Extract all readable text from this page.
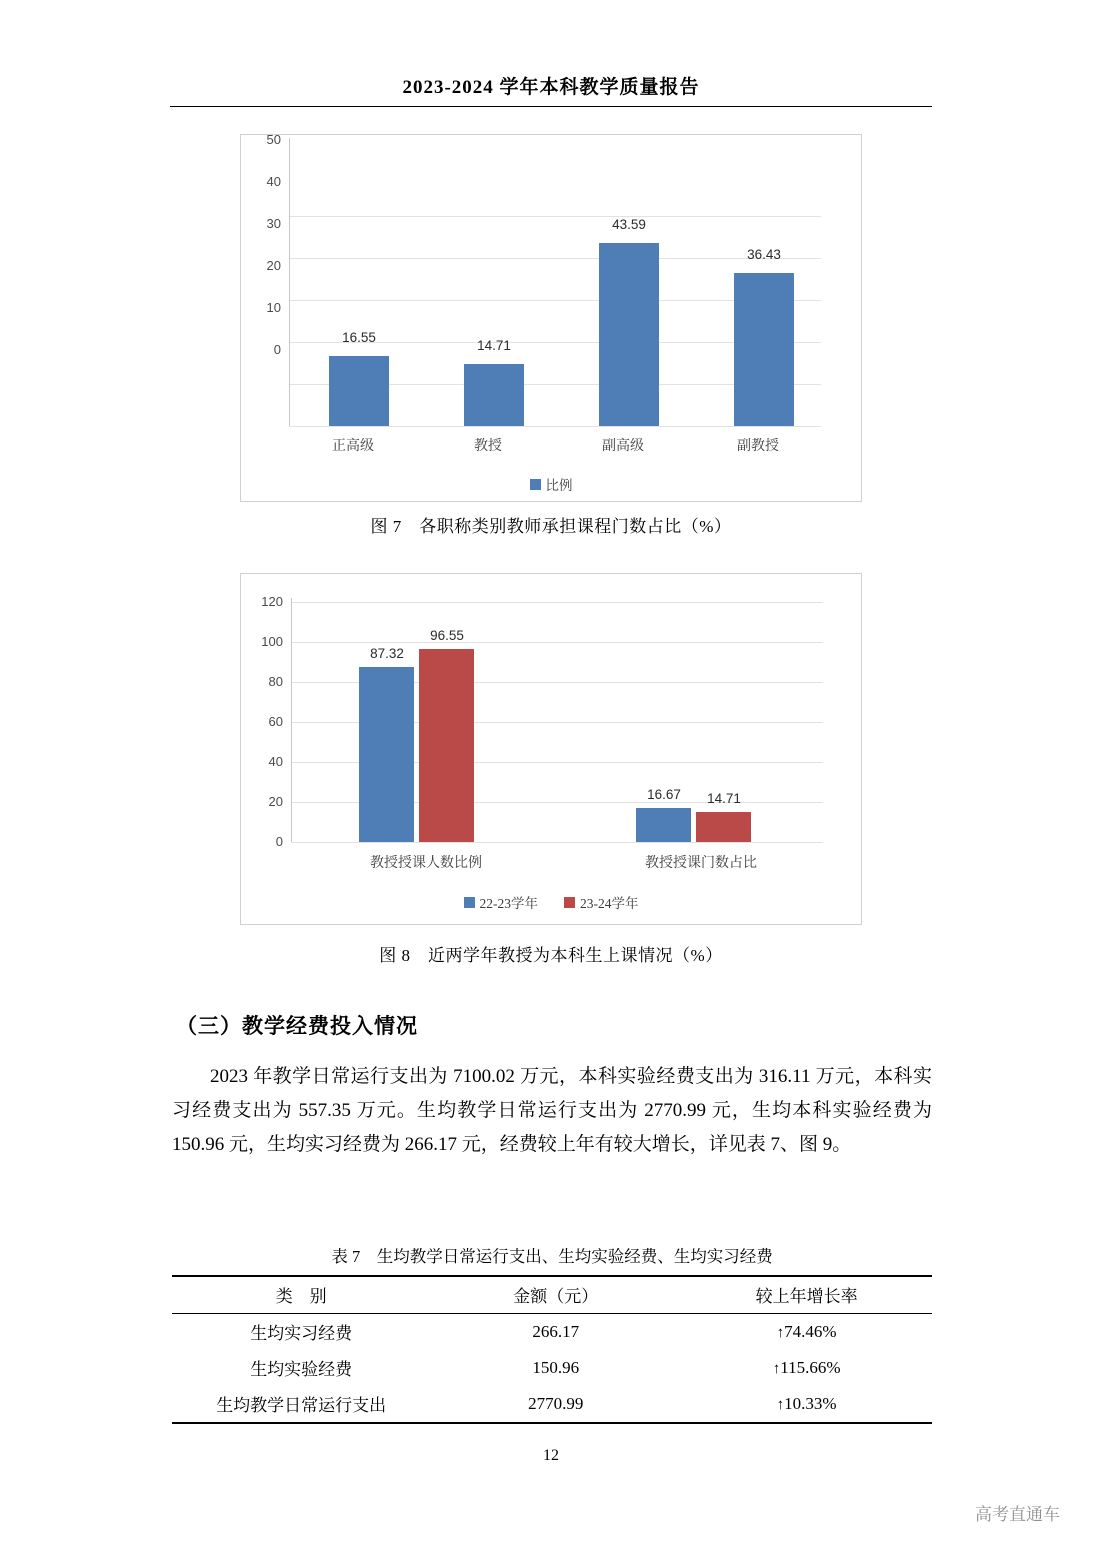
2023-2024 学年本科教学质量报告
0
10
20
30
40
50
16.55
14.71
43.59
36.43
正高级	教授	副高级	副教授
比例
图 7　各职称类别教师承担课程门数占比（%）
0
20
40
60
80
100
120
87.32
96.55
16.67	14.71
教授授课人数比例	教授授课门数占比
22-23学年	23-24学年
图 8　近两学年教授为本科生上课情况（%）
（三）教学经费投入情况
2023 年教学日常运行支出为 7100.02 万元，本科实验经费支出为 316.11 万元，本科实习经费支出为 557.35 万元。生均教学日常运行支出为 2770.99 元，生均本科实验经费为 150.96 元，生均实习经费为 266.17 元，经费较上年有较大增长，详见表 7、图 9。
表 7　生均教学日常运行支出、生均实验经费、生均实习经费
类　别	金额（元）	较上年增长率
生均实习经费	266.17	↑74.46%
生均实验经费	150.96	↑115.66%
生均教学日常运行支出	2770.99	↑10.33%
12
高考直通车
